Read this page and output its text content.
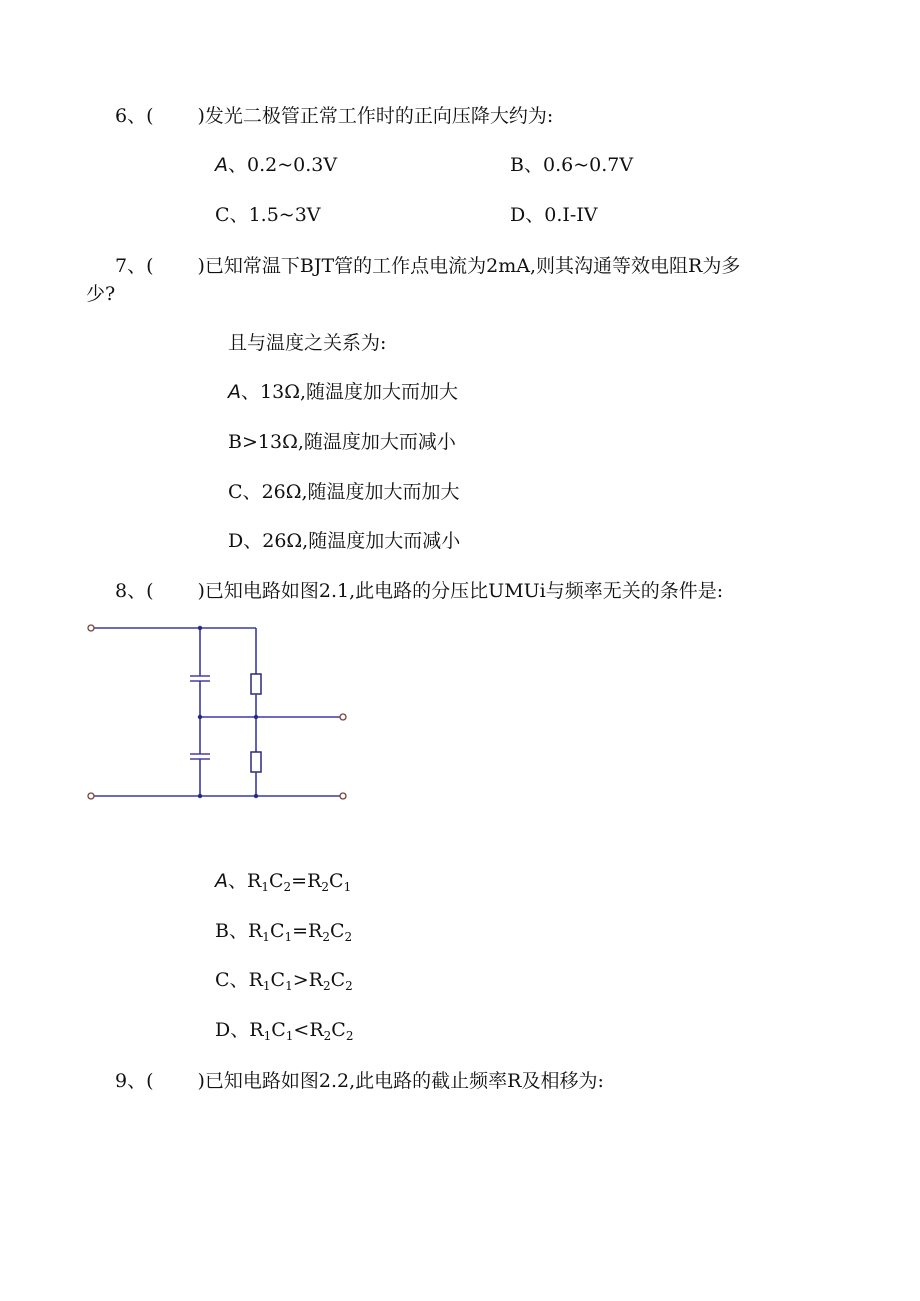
6、( )发光二极管正常工作时的正向压降大约为:
A、0.2~0.3V	B、0.6~0.7V
C、1.5~3V	D、0.I-IV
7、( )已知常温下BJT管的工作点电流为2mA,则其沟通等效电阻R为多
少?
且与温度之关系为:
A、13Ω,随温度加大而加大
B>13Ω,随温度加大而减小
C、26Ω,随温度加大而加大
D、26Ω,随温度加大而减小
8、( )已知电路如图2.1,此电路的分压比UMUi与频率无关的条件是:
A、$R_1C_2=R_2C_1$
B、$R_1C_1=R_2C_2$
C、$R_1C_1>R_2C_2$
D、$R_1C_1<R_2C_2$
9、( )已知电路如图2.2,此电路的截止频率R及相移为:
